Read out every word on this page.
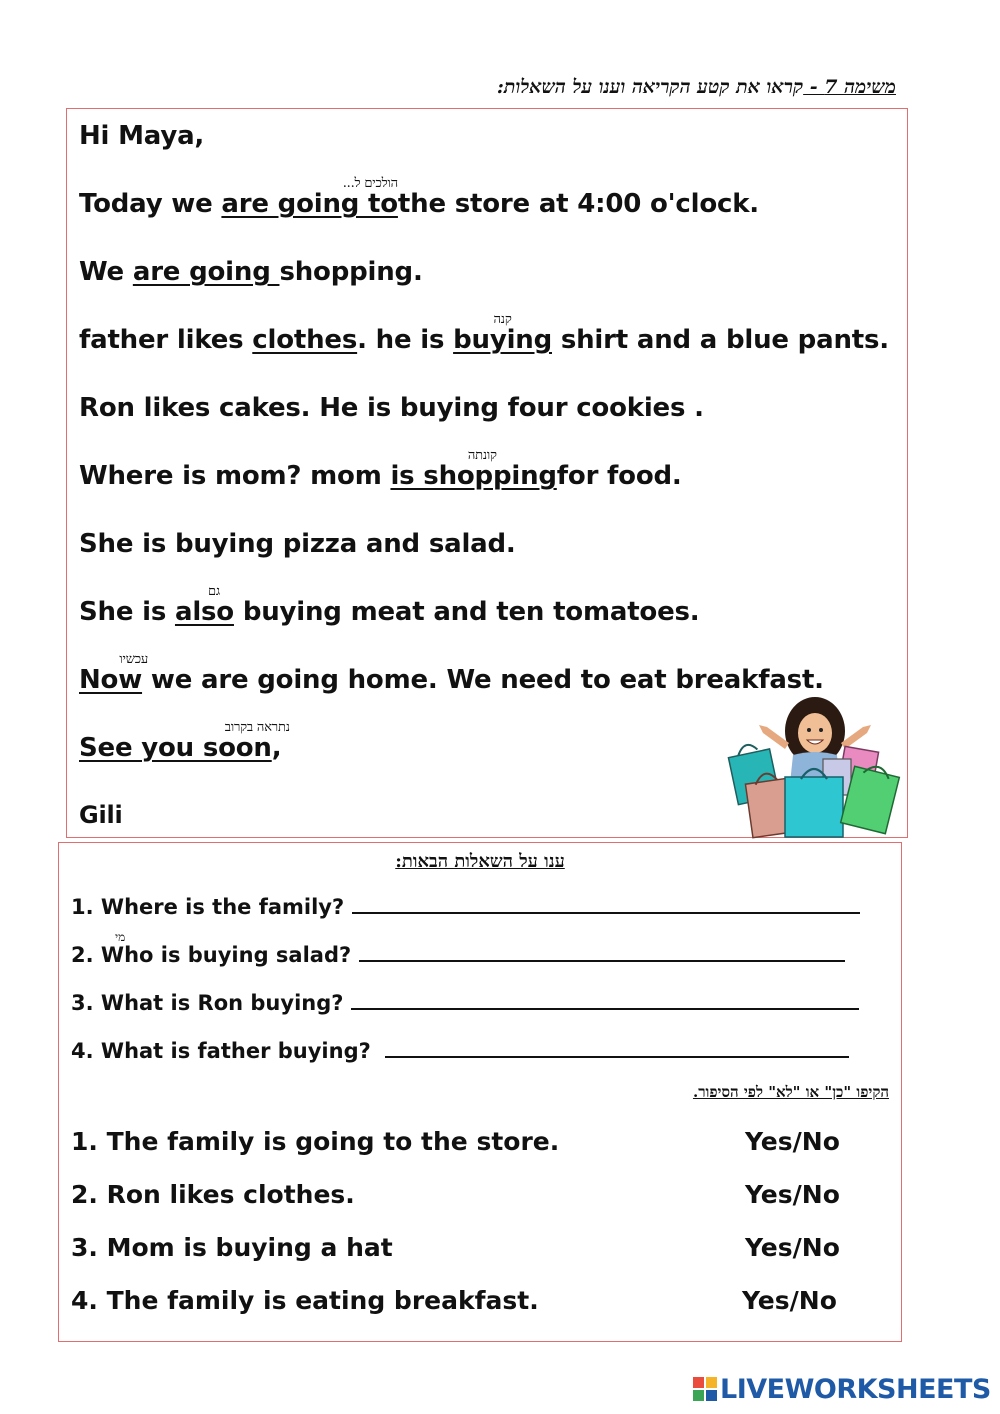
משימה 7 - קראו את קטע הקריאה וענו על השאלות:
Hi Maya,
Today we are going to
הולכים ל...
the store at 4:00 o'clock.
We are going shopping.
father likes clothes. he is buying
קנה
shirt and a blue pants.
Ron likes cakes. He is buying four cookies .
Where is mom? mom is shopping
קונתה
for food.
She is buying pizza and salad.
She is also
גם
buying meat and ten tomatoes.
Now
עכשיו
we are going home. We need to eat breakfast.
See you soon
נתראה בקרוב
,
Gili
ענו על השאלות הבאות:
1. Where is the family?
2. Who is buying salad?
מי
3. What is Ron buying?
4. What is father buying?
הקיפו "כן" או "לא" לפי הסיפור.
1. The family is going to the store.	Yes/No
2. Ron likes clothes.	Yes/No
3. Mom is buying a hat	Yes/No
4. The family is eating breakfast.	Yes/No
LIVEWORKSHEETS
